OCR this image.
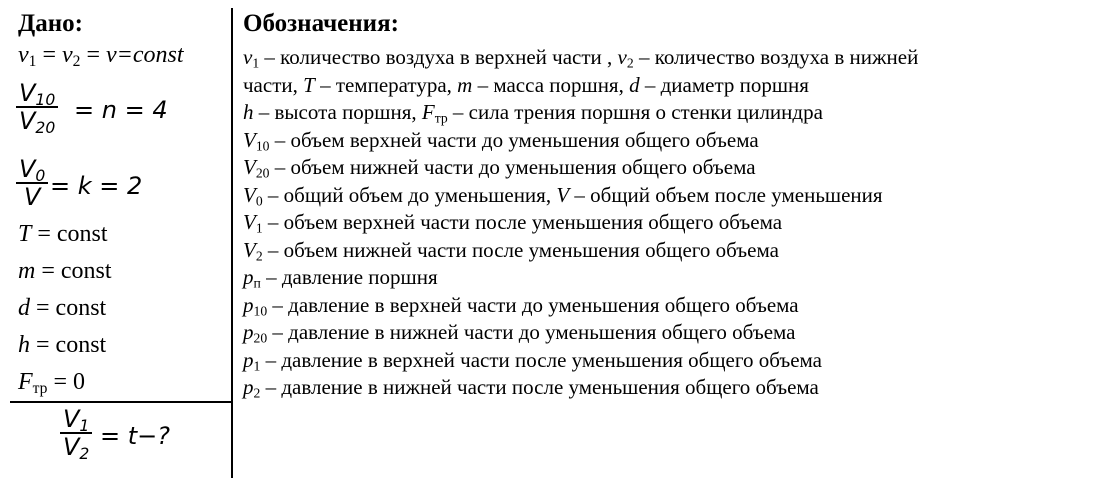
Дано:
$v_1 = v_2$ = v=const
$V_{10}$
$V_{20}$
= n = 4
$V_0$
V = k = 2
T = const
m = const
d = const
h = const
$F_{тр} = 0$
$V_1$
$V_2$
= t−?
Обозначения:
$v_1$ – количество воздуха в верхней части , $v_2$ – количество воздуха в нижней
части, T – температура, m – масса поршня, d – диаметр поршня
h – высота поршня, $F_{тр}$ – сила трения поршня о стенки цилиндра
$V_{10}$ – объем верхней части до уменьшения общего объема
$V_{20}$ – объем нижней части до уменьшения общего объема
$V_0$ – общий объем до уменьшения, V – общий объем после уменьшения
$V_1$ – объем верхней части после уменьшения общего объема
$V_2$ – объем нижней части после уменьшения общего объема
$p_п$ – давление поршня
$p_{10}$ – давление в верхней части до уменьшения общего объема
$p_{20}$ – давление в нижней части до уменьшения общего объема
$p_1$ – давление в верхней части после уменьшения общего объема
$p_2$ – давление в нижней части после уменьшения общего объема
